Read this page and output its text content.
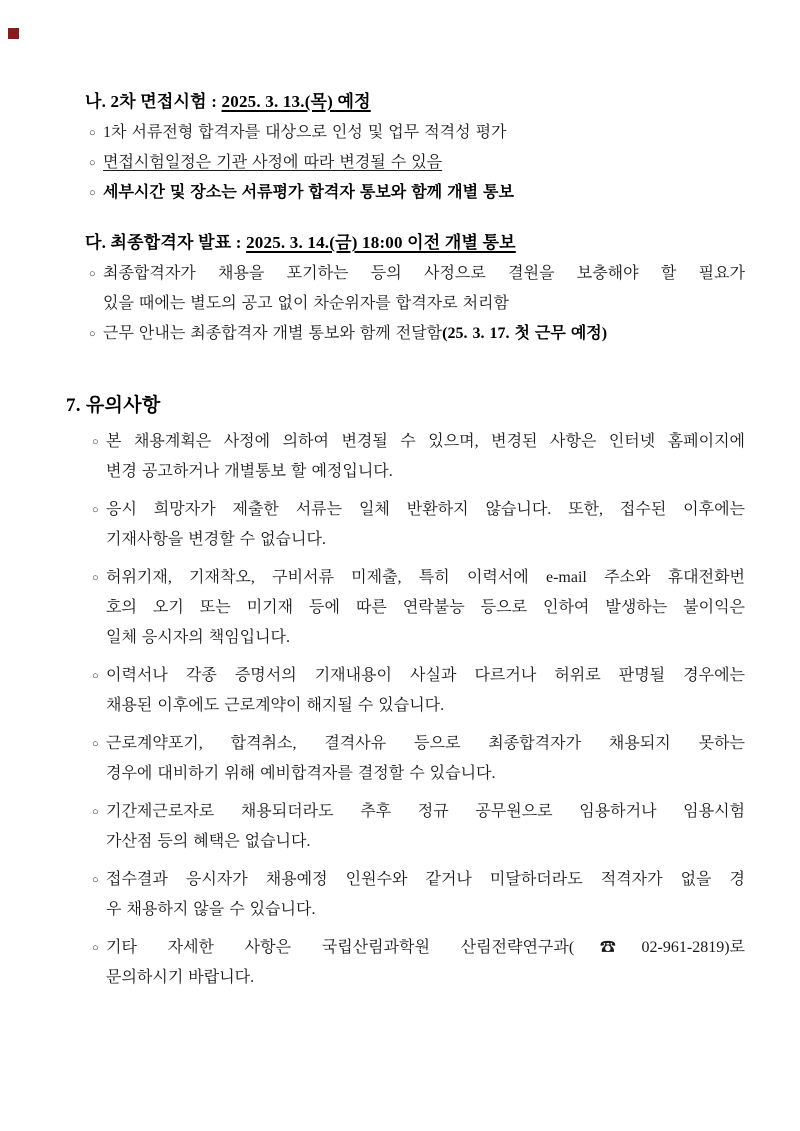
나. 2차 면접시험 : 2025. 3. 13.(목) 예정
○ 1차 서류전형 합격자를 대상으로 인성 및 업무 적격성 평가
○ 면접시험일정은 기관 사정에 따라 변경될 수 있음
○ 세부시간 및 장소는 서류평가 합격자 통보와 함께 개별 통보
다. 최종합격자 발표 : 2025. 3. 14.(금) 18:00 이전 개별 통보
○ 최종합격자가 채용을 포기하는 등의 사정으로 결원을 보충해야 할 필요가
있을 때에는 별도의 공고 없이 차순위자를 합격자로 처리함
○ 근무 안내는 최종합격자 개별 통보와 함께 전달함(25. 3. 17. 첫 근무 예정)
7. 유의사항
○ 본 채용계획은 사정에 의하여 변경될 수 있으며, 변경된 사항은 인터넷 홈페이지에
변경 공고하거나 개별통보 할 예정입니다.
○ 응시 희망자가 제출한 서류는 일체 반환하지 않습니다. 또한, 접수된 이후에는
기재사항을 변경할 수 없습니다.
○ 허위기재, 기재착오, 구비서류 미제출, 특히 이력서에 e-mail 주소와 휴대전화번
호의 오기 또는 미기재 등에 따른 연락불능 등으로 인하여 발생하는 불이익은
일체 응시자의 책임입니다.
○ 이력서나 각종 증명서의 기재내용이 사실과 다르거나 허위로 판명될 경우에는
채용된 이후에도 근로계약이 해지될 수 있습니다.
○ 근로계약포기, 합격취소, 결격사유 등으로 최종합격자가 채용되지 못하는
경우에 대비하기 위해 예비합격자를 결정할 수 있습니다.
○ 기간제근로자로 채용되더라도 추후 정규 공무원으로 임용하거나 임용시험
가산점 등의 혜택은 없습니다.
○ 접수결과 응시자가 채용예정 인원수와 같거나 미달하더라도 적격자가 없을 경
우 채용하지 않을 수 있습니다.
○ 기타 자세한 사항은 국립산림과학원 산림전략연구과(☎02-961-2819)로
문의하시기 바랍니다.
